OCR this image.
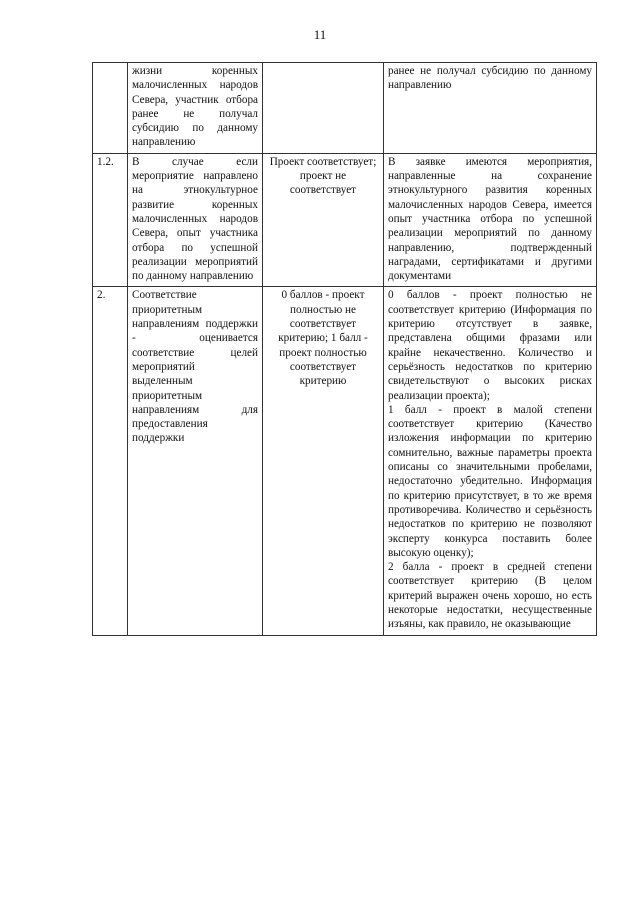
11
	жизни коренных малочисленных народов Севера, участник отбора ранее не получал субсидию по данному направлению		ранее не получал субсидию по данному направлению

1.2.	В случае если мероприятие направлено на этнокультурное развитие коренных малочисленных народов Севера, опыт участника отбора по успешной реализации мероприятий по данному направлению	Проект соответствует; проект не соответствует	В заявке имеются мероприятия, направленные на сохранение этнокультурного развития коренных малочисленных народов Севера, имеется опыт участника отбора по успешной реализации мероприятий по данному направлению, подтвержденный наградами, сертификатами и другими документами

2.	Соответствие приоритетным направлениям поддержки - оценивается соответствие целей мероприятий выделенным приоритетным направлениям для предоставления поддержки	0 баллов - проект полностью не соответствует критерию; 1 балл - проект полностью соответствует критерию	0 баллов - проект полностью не соответствует критерию (Информация по критерию отсутствует в заявке, представлена общими фразами или крайне некачественно. Количество и серьёзность недостатков по критерию свидетельствуют о высоких рисках реализации проекта);
1 балл - проект в малой степени соответствует критерию (Качество изложения информации по критерию сомнительно, важные параметры проекта описаны со значительными пробелами, недостаточно убедительно. Информация по критерию присутствует, в то же время противоречива. Количество и серьёзность недостатков по критерию не позволяют эксперту конкурса поставить более высокую оценку);
2 балла - проект в средней степени соответствует критерию (В целом критерий выражен очень хорошо, но есть некоторые недостатки, несущественные изъяны, как правило, не оказывающие
